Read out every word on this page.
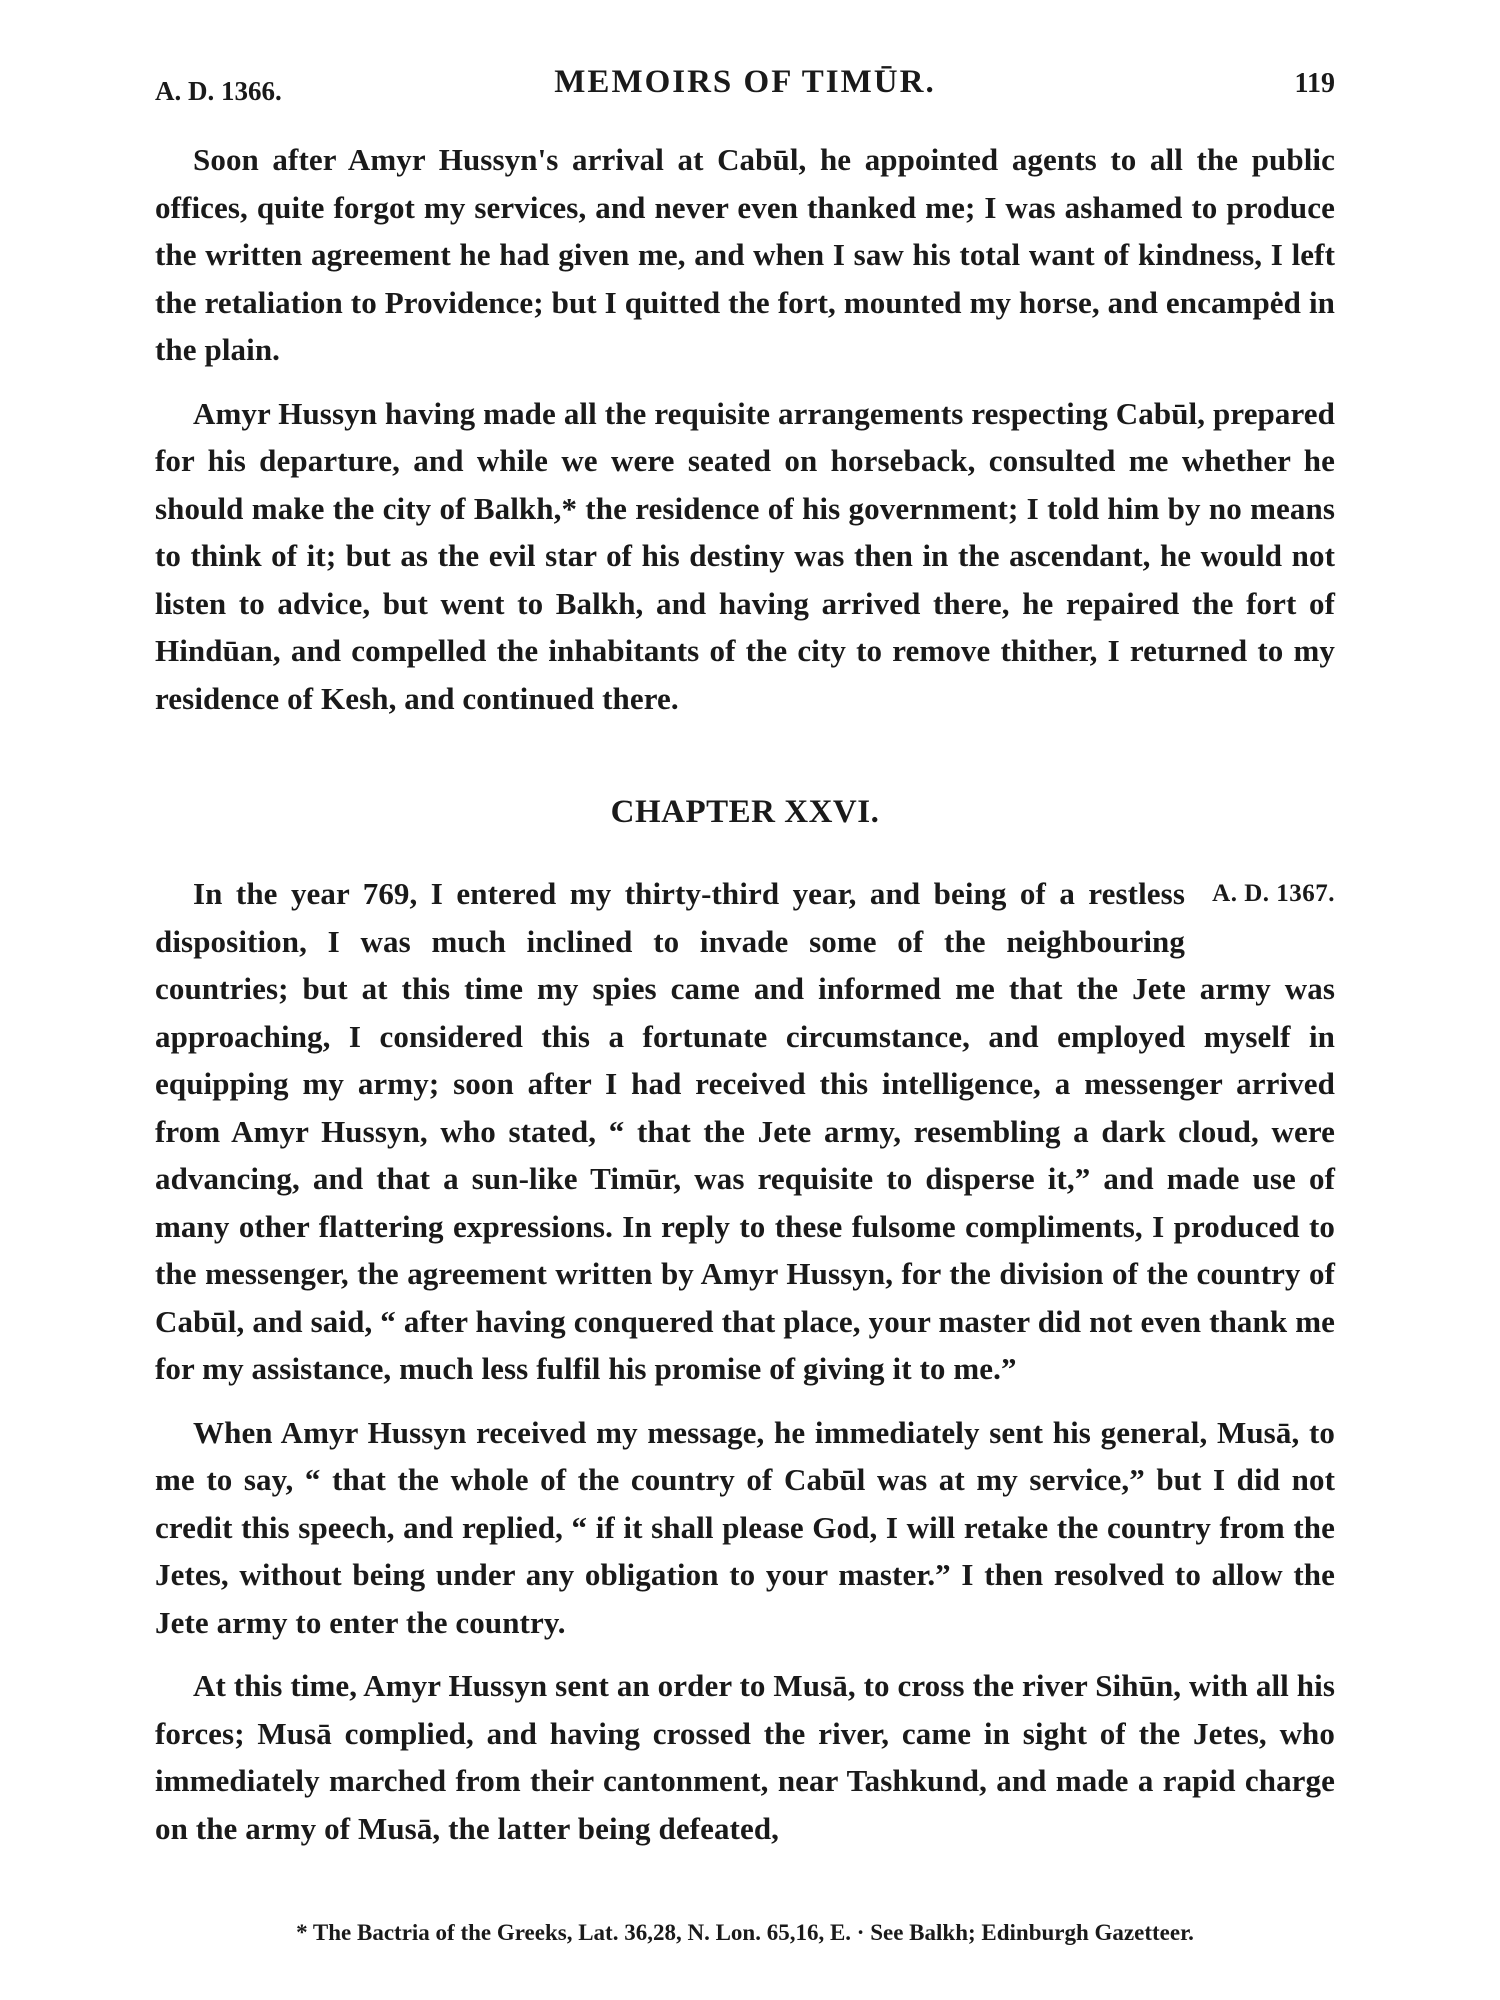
A. D. 1366.	MEMOIRS OF TIMŪR.	119

Soon after Amyr Hussyn's arrival at Cabūl, he appointed agents to all the public offices, quite forgot my services, and never even thanked me; I was ashamed to produce the written agreement he had given me, and when I saw his total want of kindness, I left the retaliation to Providence; but I quitted the fort, mounted my horse, and encampėd in the plain.

Amyr Hussyn having made all the requisite arrangements respecting Cabūl, prepared for his departure, and while we were seated on horseback, consulted me whether he should make the city of Balkh,* the residence of his government; I told him by no means to think of it; but as the evil star of his destiny was then in the ascendant, he would not listen to advice, but went to Balkh, and having arrived there, he repaired the fort of Hindūan, and compelled the inhabitants of the city to remove thither, I returned to my residence of Kesh, and continued there.

CHAPTER XXVI.
A. D. 1367.

In the year 769, I entered my thirty-third year, and being of a restless disposition, I was much inclined to invade some of the neighbouring countries; but at this time my spies came and informed me that the Jete army was approaching, I considered this a fortunate circumstance, and employed myself in equipping my army; soon after I had received this intelligence, a messenger arrived from Amyr Hussyn, who stated, “ that the Jete army, resembling a dark cloud, were advancing, and that a sun-like Timūr, was requisite to disperse it,” and made use of many other flattering expressions. In reply to these fulsome compliments, I produced to the messenger, the agreement written by Amyr Hussyn, for the division of the country of Cabūl, and said, “ after having conquered that place, your master did not even thank me for my assistance, much less fulfil his promise of giving it to me.”

When Amyr Hussyn received my message, he immediately sent his general, Musā, to me to say, “ that the whole of the country of Cabūl was at my service,” but I did not credit this speech, and replied, “ if it shall please God, I will retake the country from the Jetes, without being under any obligation to your master.” I then resolved to allow the Jete army to enter the country.

At this time, Amyr Hussyn sent an order to Musā, to cross the river Sihūn, with all his forces; Musā complied, and having crossed the river, came in sight of the Jetes, who immediately marched from their cantonment, near Tashkund, and made a rapid charge on the army of Musā, the latter being defeated,

* The Bactria of the Greeks, Lat. 36,28, N. Lon. 65,16, E. · See Balkh; Edinburgh Gazetteer.
